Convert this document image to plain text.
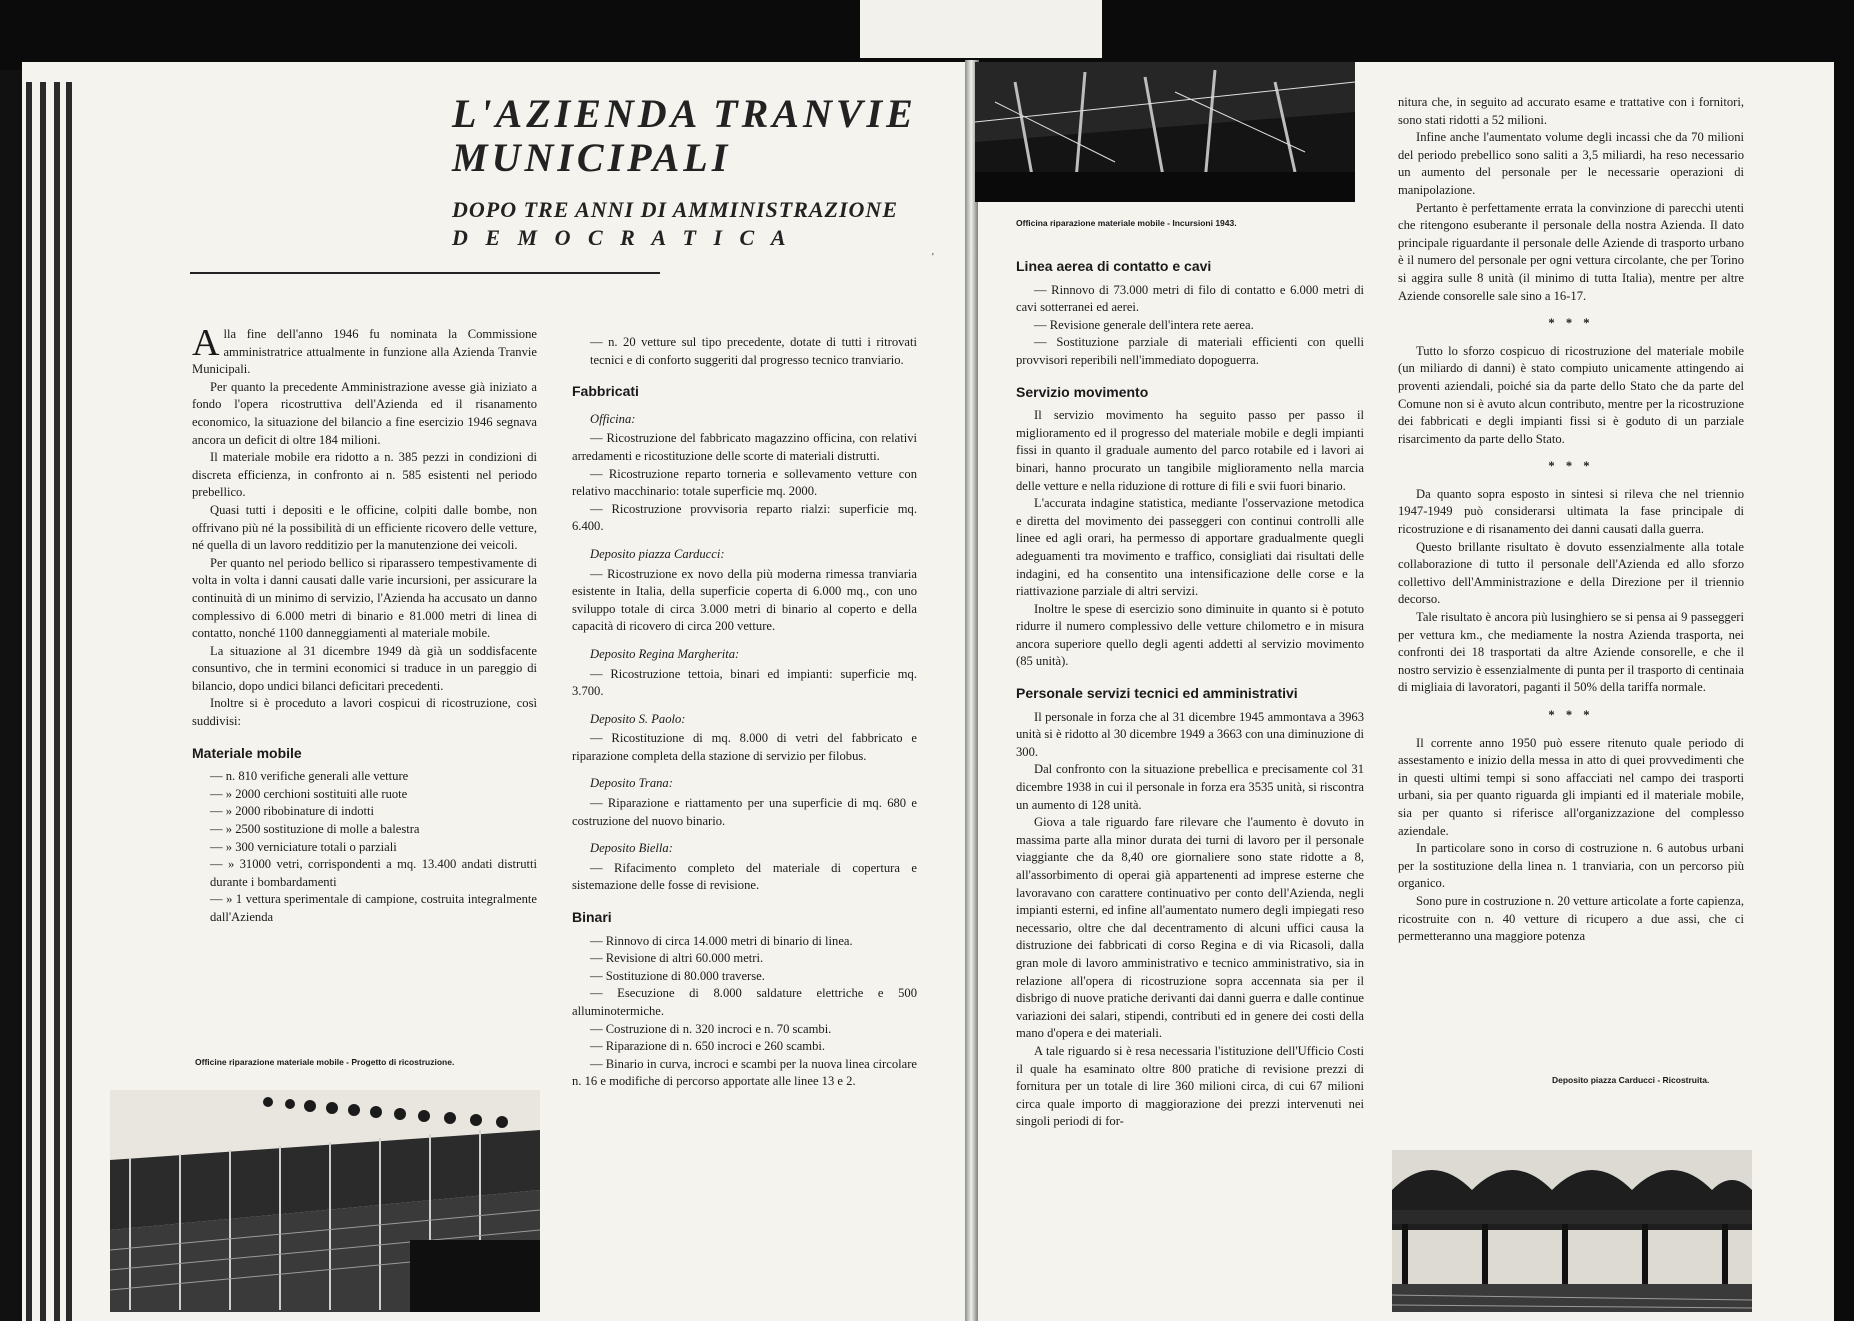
L'AZIENDA TRANVIE
MUNICIPALI
DOPO TRE ANNI DI AMMINISTRAZIONE
D E M O C R A T I C A
'

Alla fine dell'anno 1946 fu nominata la Commissione amministratrice attualmente in funzione alla Azienda Tranvie Municipali.

Per quanto la precedente Amministrazione avesse già iniziato a fondo l'opera ricostruttiva dell'Azienda ed il risanamento economico, la situazione del bilancio a fine esercizio 1946 segnava ancora un deficit di oltre 184 milioni.

Il materiale mobile era ridotto a n. 385 pezzi in condizioni di discreta efficienza, in confronto ai n. 585 esistenti nel periodo prebellico.

Quasi tutti i depositi e le officine, colpiti dalle bombe, non offrivano più né la possibilità di un efficiente ricovero delle vetture, né quella di un lavoro redditizio per la manutenzione dei veicoli.

Per quanto nel periodo bellico si riparassero tempestivamente di volta in volta i danni causati dalle varie incursioni, per assicurare la continuità di un minimo di servizio, l'Azienda ha accusato un danno complessivo di 6.000 metri di binario e 81.000 metri di linea di contatto, nonché 1100 danneggiamenti al materiale mobile.

La situazione al 31 dicembre 1949 dà già un soddisfacente consuntivo, che in termini economici si traduce in un pareggio di bilancio, dopo undici bilanci deficitari precedenti.

Inoltre si è proceduto a lavori cospicui di ricostruzione, così suddivisi:

Materiale mobile

— n. 810 verifiche generali alle vetture

— » 2000 cerchioni sostituiti alle ruote

— » 2000 ribobinature di indotti

— » 2500 sostituzione di molle a balestra

— » 300 verniciature totali o parziali

— » 31000 vetri, corrispondenti a mq. 13.400 andati distrutti durante i bombardamenti

— » 1 vettura sperimentale di campione, costruita integralmente dall'Azienda

Officine riparazione materiale mobile - Progetto di ricostruzione.

— n. 20 vetture sul tipo precedente, dotate di tutti i ritrovati tecnici e di conforto suggeriti dal progresso tecnico tranviario.

Fabbricati
Officina:

— Ricostruzione del fabbricato magazzino officina, con relativi arredamenti e ricostituzione delle scorte di materiali distrutti.

— Ricostruzione reparto torneria e sollevamento vetture con relativo macchinario: totale superficie mq. 2000.

— Ricostruzione provvisoria reparto rialzi: superficie mq. 6.400.

Deposito piazza Carducci:

— Ricostruzione ex novo della più moderna rimessa tranviaria esistente in Italia, della superficie coperta di 6.000 mq., con uno sviluppo totale di circa 3.000 metri di binario al coperto e della capacità di ricovero di circa 200 vetture.

Deposito Regina Margherita:

— Ricostruzione tettoia, binari ed impianti: superficie mq. 3.700.

Deposito S. Paolo:

— Ricostituzione di mq. 8.000 di vetri del fabbricato e riparazione completa della stazione di servizio per filobus.

Deposito Trana:

— Riparazione e riattamento per una superficie di mq. 680 e costruzione del nuovo binario.

Deposito Biella:

— Rifacimento completo del materiale di copertura e sistemazione delle fosse di revisione.

Binari

— Rinnovo di circa 14.000 metri di binario di linea.

— Revisione di altri 60.000 metri.

— Sostituzione di 80.000 traverse.

— Esecuzione di 8.000 saldature elettriche e 500 alluminotermiche.

— Costruzione di n. 320 incroci e n. 70 scambi.

— Riparazione di n. 650 incroci e 260 scambi.

— Binario in curva, incroci e scambi per la nuova linea circolare n. 16 e modifiche di percorso apportate alle linee 13 e 2.

Officina riparazione materiale mobile - Incursioni 1943.
Linea aerea di contatto e cavi

— Rinnovo di 73.000 metri di filo di contatto e 6.000 metri di cavi sotterranei ed aerei.

— Revisione generale dell'intera rete aerea.

— Sostituzione parziale di materiali efficienti con quelli provvisori reperibili nell'immediato dopoguerra.

Servizio movimento

Il servizio movimento ha seguito passo per passo il miglioramento ed il progresso del materiale mobile e degli impianti fissi in quanto il graduale aumento del parco rotabile ed i lavori ai binari, hanno procurato un tangibile miglioramento nella marcia delle vetture e nella riduzione di rotture di fili e svii fuori binario.

L'accurata indagine statistica, mediante l'osservazione metodica e diretta del movimento dei passeggeri con continui controlli alle linee ed agli orari, ha permesso di apportare gradualmente quegli adeguamenti tra movimento e traffico, consigliati dai risultati delle indagini, ed ha consentito una intensificazione delle corse e la riattivazione parziale di altri servizi.

Inoltre le spese di esercizio sono diminuite in quanto si è potuto ridurre il numero complessivo delle vetture chilometro e in misura ancora superiore quello degli agenti addetti al servizio movimento (85 unità).

Personale servizi tecnici ed amministrativi

Il personale in forza che al 31 dicembre 1945 ammontava a 3963 unità si è ridotto al 30 dicembre 1949 a 3663 con una diminuzione di 300.

Dal confronto con la situazione prebellica e precisamente col 31 dicembre 1938 in cui il personale in forza era 3535 unità, si riscontra un aumento di 128 unità.

Giova a tale riguardo fare rilevare che l'aumento è dovuto in massima parte alla minor durata dei turni di lavoro per il personale viaggiante che da 8,40 ore giornaliere sono state ridotte a 8, all'assorbimento di operai già appartenenti ad imprese esterne che lavoravano con carattere continuativo per conto dell'Azienda, negli impianti esterni, ed infine all'aumentato numero degli impiegati reso necessario, oltre che dal decentramento di alcuni uffici causa la distruzione dei fabbricati di corso Regina e di via Ricasoli, dalla gran mole di lavoro amministrativo e tecnico amministrativo, sia in relazione all'opera di ricostruzione sopra accennata sia per il disbrigo di nuove pratiche derivanti dai danni guerra e dalle continue variazioni dei salari, stipendi, contributi ed in genere dei costi della mano d'opera e dei materiali.

A tale riguardo si è resa necessaria l'istituzione dell'Ufficio Costi il quale ha esaminato oltre 800 pratiche di revisione prezzi di fornitura per un totale di lire 360 milioni circa, di cui 67 milioni circa quale importo di maggiorazione dei prezzi intervenuti nei singoli periodi di for-

nitura che, in seguito ad accurato esame e trattative con i fornitori, sono stati ridotti a 52 milioni.

Infine anche l'aumentato volume degli incassi che da 70 milioni del periodo prebellico sono saliti a 3,5 miliardi, ha reso necessario un aumento del personale per le necessarie operazioni di manipolazione.

Pertanto è perfettamente errata la convinzione di parecchi utenti che ritengono esuberante il personale della nostra Azienda. Il dato principale riguardante il personale delle Aziende di trasporto urbano è il numero del personale per ogni vettura circolante, che per Torino si aggira sulle 8 unità (il minimo di tutta Italia), mentre per altre Aziende consorelle sale sino a 16-17.

* * *

Tutto lo sforzo cospicuo di ricostruzione del materiale mobile (un miliardo di danni) è stato compiuto unicamente attingendo ai proventi aziendali, poiché sia da parte dello Stato che da parte del Comune non si è avuto alcun contributo, mentre per la ricostruzione dei fabbricati e degli impianti fissi si è goduto di un parziale risarcimento da parte dello Stato.

* * *

Da quanto sopra esposto in sintesi si rileva che nel triennio 1947-1949 può considerarsi ultimata la fase principale di ricostruzione e di risanamento dei danni causati dalla guerra.

Questo brillante risultato è dovuto essenzialmente alla totale collaborazione di tutto il personale dell'Azienda ed allo sforzo collettivo dell'Amministrazione e della Direzione per il triennio decorso.

Tale risultato è ancora più lusinghiero se si pensa ai 9 passeggeri per vettura km., che mediamente la nostra Azienda trasporta, nei confronti dei 18 trasportati da altre Aziende consorelle, e che il nostro servizio è essenzialmente di punta per il trasporto di centinaia di migliaia di lavoratori, paganti il 50% della tariffa normale.

* * *

Il corrente anno 1950 può essere ritenuto quale periodo di assestamento e inizio della messa in atto di quei provvedimenti che in questi ultimi tempi si sono affacciati nel campo dei trasporti urbani, sia per quanto riguarda gli impianti ed il materiale mobile, sia per quanto si riferisce all'organizzazione del complesso aziendale.

In particolare sono in corso di costruzione n. 6 autobus urbani per la sostituzione della linea n. 1 tranviaria, con un percorso più organico.

Sono pure in costruzione n. 20 vetture articolate a forte capienza, ricostruite con n. 40 vetture di ricupero a due assi, che ci permetteranno una maggiore potenza

Deposito piazza Carducci - Ricostruita.
